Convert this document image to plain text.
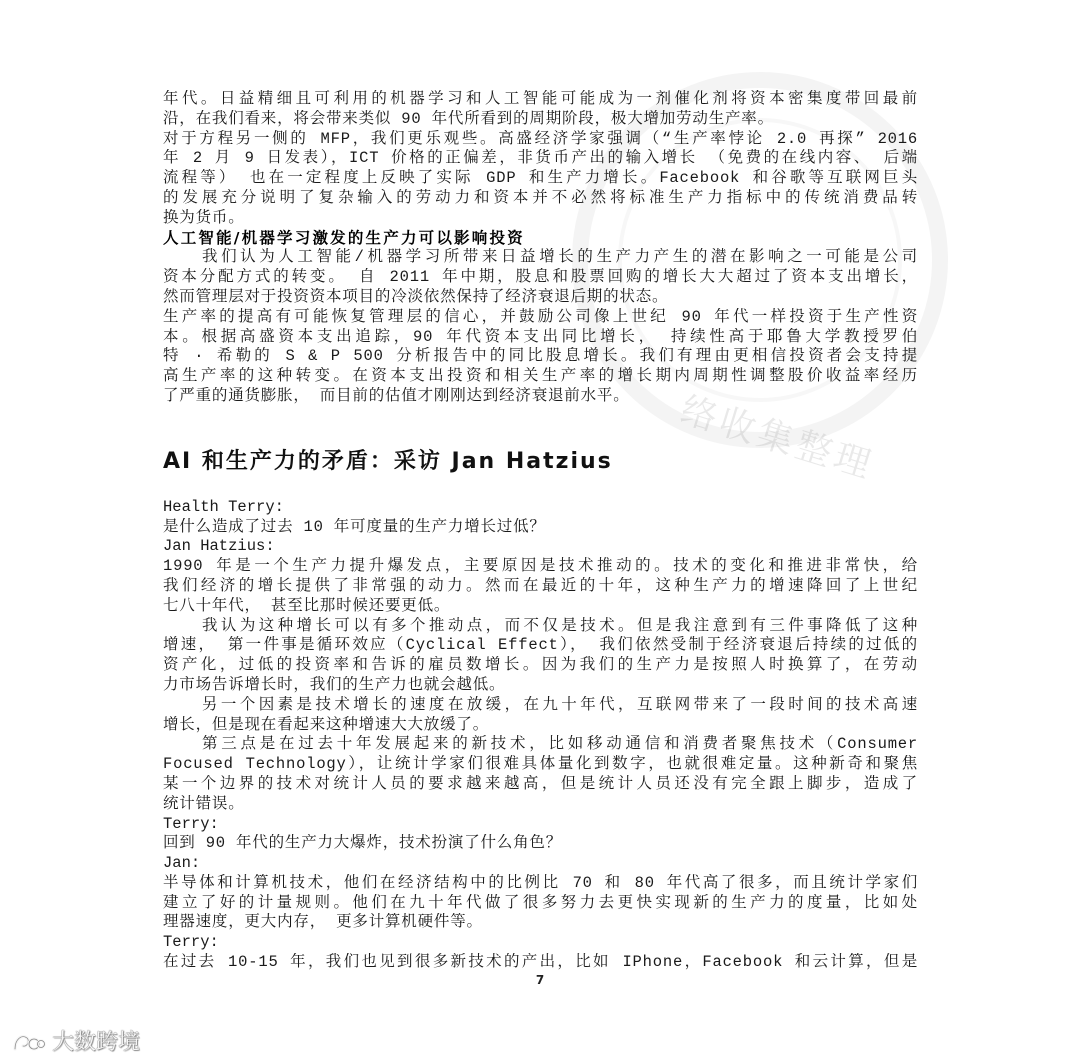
络收集整理
年代。日益精细且可利用的机器学习和人工智能可能成为一剂催化剂将资本密集度带回最前
沿，在我们看来，将会带来类似 90 年代所看到的周期阶段，极大增加劳动生产率。
对于方程另一侧的 MFP，我们更乐观些。高盛经济学家强调（“生产率悖论 2.0 再探” 2016
年 2 月 9 日发表），ICT 价格的正偏差，非货币产出的输入增长 （免费的在线内容、 后端
流程等） 也在一定程度上反映了实际 GDP 和生产力增长。Facebook 和谷歌等互联网巨头
的发展充分说明了复杂输入的劳动力和资本并不必然将标准生产力指标中的传统消费品转
换为货币。
人工智能/机器学习激发的生产力可以影响投资
我们认为人工智能/机器学习所带来日益增长的生产力产生的潜在影响之一可能是公司
资本分配方式的转变。 自 2011 年中期，股息和股票回购的增长大大超过了资本支出增长，
然而管理层对于投资资本项目的冷淡依然保持了经济衰退后期的状态。
生产率的提高有可能恢复管理层的信心，并鼓励公司像上世纪 90 年代一样投资于生产性资
本。根据高盛资本支出追踪，90 年代资本支出同比增长， 持续性高于耶鲁大学教授罗伯
特 · 希勒的 S & P 500 分析报告中的同比股息增长。我们有理由更相信投资者会支持提
高生产率的这种转变。在资本支出投资和相关生产率的增长期内周期性调整股价收益率经历
了严重的通货膨胀， 而目前的估值才刚刚达到经济衰退前水平。
AI 和生产力的矛盾：采访 Jan Hatzius
Health Terry:
是什么造成了过去 10 年可度量的生产力增长过低？
Jan Hatzius:
1990 年是一个生产力提升爆发点，主要原因是技术推动的。技术的变化和推进非常快，给
我们经济的增长提供了非常强的动力。然而在最近的十年，这种生产力的增速降回了上世纪
七八十年代， 甚至比那时候还要更低。
我认为这种增长可以有多个推动点，而不仅是技术。但是我注意到有三件事降低了这种
增速， 第一件事是循环效应（Cyclical Effect）， 我们依然受制于经济衰退后持续的过低的
资产化，过低的投资率和告诉的雇员数增长。因为我们的生产力是按照人时换算了，在劳动
力市场告诉增长时，我们的生产力也就会越低。
另一个因素是技术增长的速度在放缓，在九十年代，互联网带来了一段时间的技术高速
增长，但是现在看起来这种增速大大放缓了。
第三点是在过去十年发展起来的新技术，比如移动通信和消费者聚焦技术（Consumer
Focused Technology），让统计学家们很难具体量化到数字，也就很难定量。这种新奇和聚焦
某一个边界的技术对统计人员的要求越来越高，但是统计人员还没有完全跟上脚步，造成了
统计错误。
Terry:
回到 90 年代的生产力大爆炸，技术扮演了什么角色？
Jan:
半导体和计算机技术，他们在经济结构中的比例比 70 和 80 年代高了很多，而且统计学家们
建立了好的计量规则。他们在九十年代做了很多努力去更快实现新的生产力的度量，比如处
理器速度，更大内存， 更多计算机硬件等。
Terry:
在过去 10-15 年，我们也见到很多新技术的产出，比如 IPhone，Facebook 和云计算，但是
7
大数跨境
